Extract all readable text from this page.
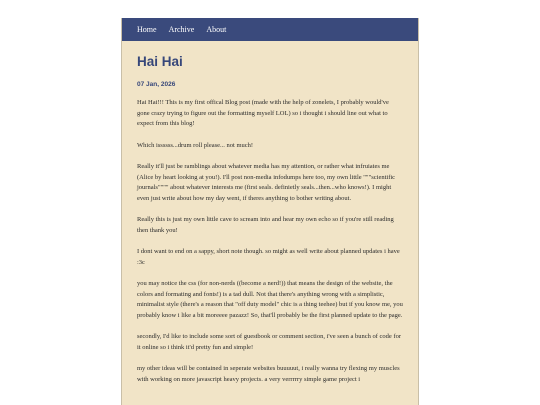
Home Archive About
Hai Hai
07 Jan, 2026

Hai Hai!!! This is my first offical Blog post (made with the help of zonelets, I probably would've gone crazy trying to figure out the formatting myself LOL) so i thought i should line out what to expect from this blog!

Which issssss...drum roll please... not much!

Really it'll just be ramblings about whatever media has my attention, or rather what infruiates me (Alice by heart looking at you!). I'll post non-media infodumps here too, my own little """scientific journals"""" about whatever interests me (first seals. definietly seals...then...who knows!). I might even just write about how my day went, if theres anything to bother writing about.

Really this is just my own little cave to scream into and hear my own echo so if you're still reading then thank you!

I dont want to end on a sappy, short note though. so might as well write about planned updates i have :3c

you may notice the css (for non-nerds ((become a nerd!)) that means the design of the website, the colors and formating and fonts!) is a tad dull. Not that there's anything wrong with a simplistic, minimalist style (there's a reason that "off duty model" chic is a thing teehee) but if you know me, you probably know i like a bit moreeee pazazz! So, that'll probably be the first planned update to the page.

secondly, I'd like to include some sort of guestbook or comment section, i've seen a bunch of code for it online so i think it'd pretty fun and simple!

my other ideas will be contained in seperate websites buuuuut, i really wanna try flexing my muscles with working on more javascript heavy projects. a very verrrrry simple game project i
